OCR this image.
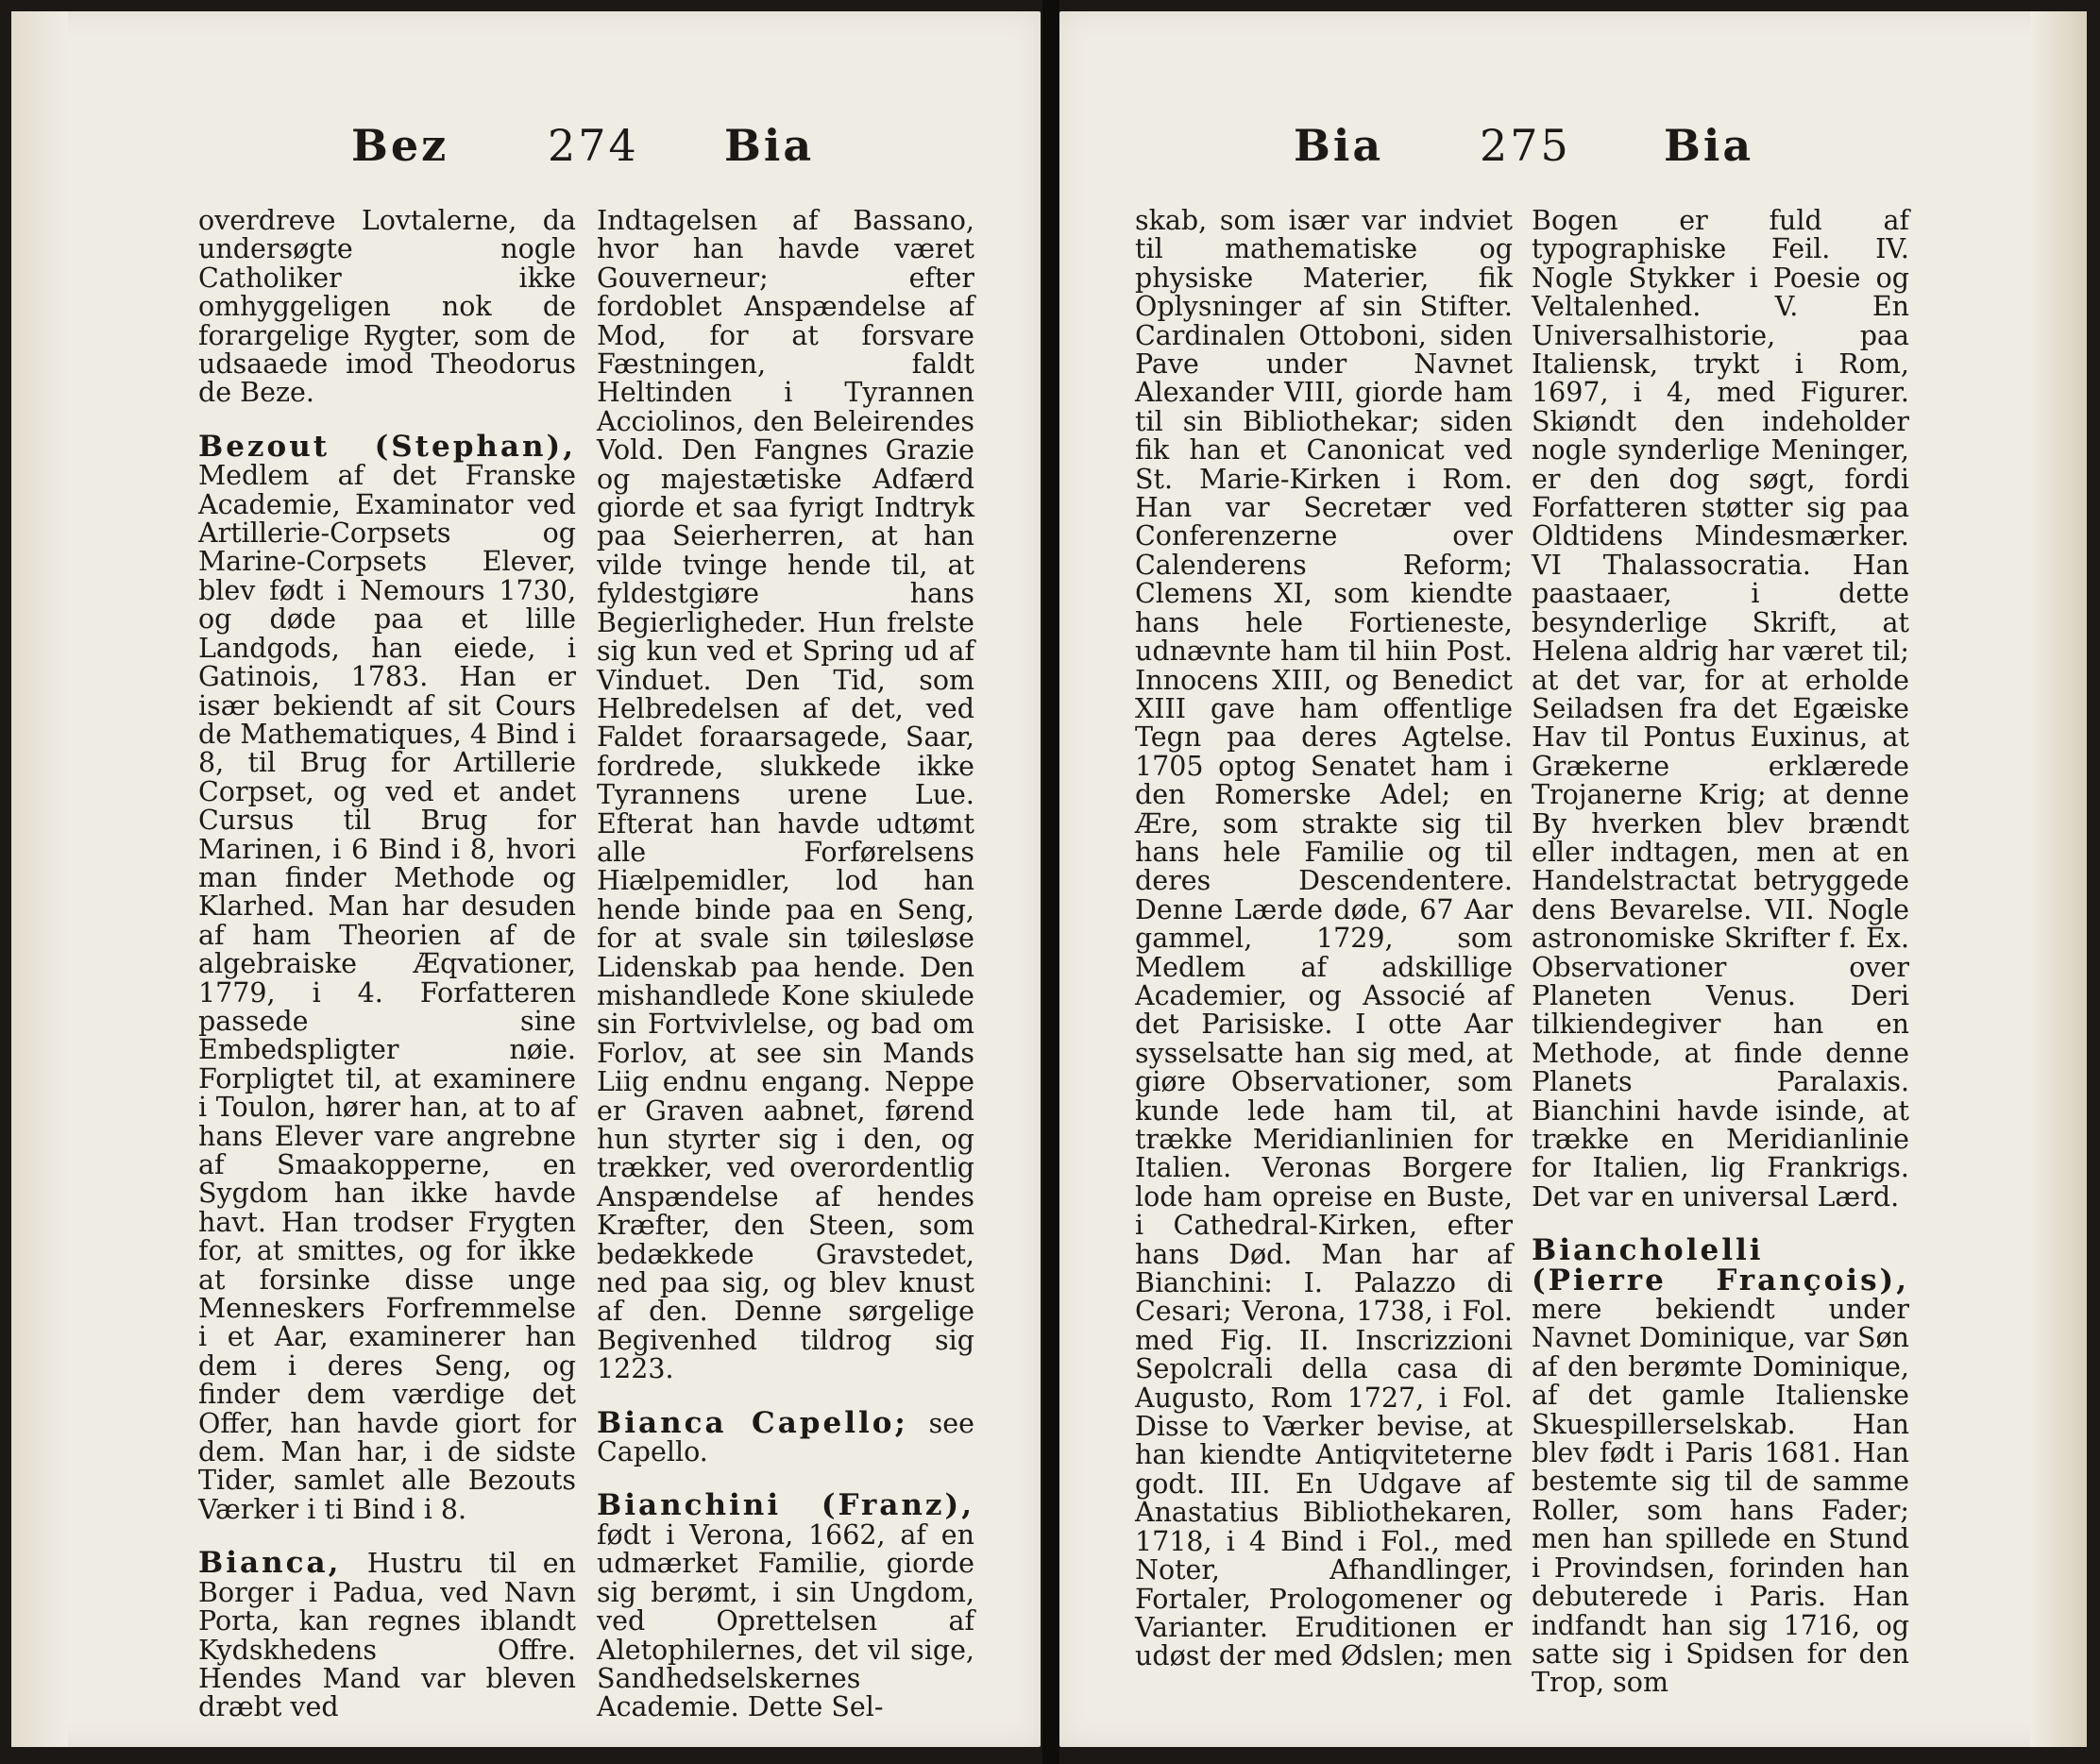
Bez 274 Bia

overdreve Lovtalerne, da undersøgte nogle Catholiker ikke omhyggeligen nok de forargelige Rygter, som de udsaaede imod Theodorus de Beze.

Bezout (Stephan), Medlem af det Franske Academie, Examinator ved Artillerie-Corpsets og Marine-Corpsets Elever, blev født i Nemours 1730, og døde paa et lille Landgods, han eiede, i Gatinois, 1783. Han er især bekiendt af sit Cours de Mathematiques, 4 Bind i 8, til Brug for Artillerie Corpset, og ved et andet Cursus til Brug for Marinen, i 6 Bind i 8, hvori man finder Methode og Klarhed. Man har desuden af ham Theorien af de algebraiske Æqvationer, 1779, i 4. Forfatteren passede sine Embedspligter nøie. Forpligtet til, at examinere i Toulon, hører han, at to af hans Elever vare angrebne af Smaakopperne, en Sygdom han ikke havde havt. Han trodser Frygten for, at smittes, og for ikke at forsinke disse unge Menneskers Forfremmelse i et Aar, examinerer han dem i deres Seng, og finder dem værdige det Offer, han havde giort for dem. Man har, i de sidste Tider, samlet alle Bezouts Værker i ti Bind i 8.

Bianca, Hustru til en Borger i Padua, ved Navn Porta, kan regnes iblandt Kydskhedens Offre. Hendes Mand var bleven dræbt ved

Indtagelsen af Bassano, hvor han havde været Gouverneur; efter fordoblet Anspændelse af Mod, for at forsvare Fæstningen, faldt Heltinden i Tyrannen Acciolinos, den Beleirendes Vold. Den Fangnes Grazie og majestætiske Adfærd giorde et saa fyrigt Indtryk paa Seierherren, at han vilde tvinge hende til, at fyldestgiøre hans Begierligheder. Hun frelste sig kun ved et Spring ud af Vinduet. Den Tid, som Helbredelsen af det, ved Faldet foraarsagede, Saar, fordrede, slukkede ikke Tyrannens urene Lue. Efterat han havde udtømt alle Forførelsens Hiælpemidler, lod han hende binde paa en Seng, for at svale sin tøilesløse Lidenskab paa hende. Den mishandlede Kone skiulede sin Fortvivlelse, og bad om Forlov, at see sin Mands Liig endnu engang. Neppe er Graven aabnet, førend hun styrter sig i den, og trækker, ved overordentlig Anspændelse af hendes Kræfter, den Steen, som bedækkede Gravstedet, ned paa sig, og blev knust af den. Denne sørgelige Begivenhed tildrog sig 1223.

Bianca Capello; see Capello.

Bianchini (Franz), født i Verona, 1662, af en udmærket Familie, giorde sig berømt, i sin Ungdom, ved Oprettelsen af Aletophilernes, det vil sige, Sandhedselskernes Academie. Dette Sel-

Bia 275 Bia

skab, som især var indviet til mathematiske og physiske Materier, fik Oplysninger af sin Stifter. Cardinalen Ottoboni, siden Pave under Navnet Alexander VIII, giorde ham til sin Bibliothekar; siden fik han et Canonicat ved St. Marie-Kirken i Rom. Han var Secretær ved Conferenzerne over Calenderens Reform; Clemens XI, som kiendte hans hele Fortieneste, udnævnte ham til hiin Post. Innocens XIII, og Benedict XIII gave ham offentlige Tegn paa deres Agtelse. 1705 optog Senatet ham i den Romerske Adel; en Ære, som strakte sig til hans hele Familie og til deres Descendentere. Denne Lærde døde, 67 Aar gammel, 1729, som Medlem af adskillige Academier, og Associé af det Parisiske. I otte Aar sysselsatte han sig med, at giøre Observationer, som kunde lede ham til, at trække Meridianlinien for Italien. Veronas Borgere lode ham opreise en Buste, i Cathedral-Kirken, efter hans Død. Man har af Bianchini: I. Palazzo di Cesari; Verona, 1738, i Fol. med Fig. II. Inscrizzioni Sepolcrali della casa di Augusto, Rom 1727, i Fol. Disse to Værker bevise, at han kiendte Antiqviteterne godt. III. En Udgave af Anastatius Bibliothekaren, 1718, i 4 Bind i Fol., med Noter, Afhandlinger, Fortaler, Prologomener og Varianter. Eruditionen er udøst der med Ødslen; men

Bogen er fuld af typographiske Feil. IV. Nogle Stykker i Poesie og Veltalenhed. V. En Universalhistorie, paa Italiensk, trykt i Rom, 1697, i 4, med Figurer. Skiøndt den indeholder nogle synderlige Meninger, er den dog søgt, fordi Forfatteren støtter sig paa Oldtidens Mindesmærker. VI Thalassocratia. Han paastaaer, i dette besynderlige Skrift, at Helena aldrig har været til; at det var, for at erholde Seiladsen fra det Egæiske Hav til Pontus Euxinus, at Grækerne erklærede Trojanerne Krig; at denne By hverken blev brændt eller indtagen, men at en Handelstractat betryggede dens Bevarelse. VII. Nogle astronomiske Skrifter f. Ex. Observationer over Planeten Venus. Deri tilkiendegiver han en Methode, at finde denne Planets Paralaxis. Bianchini havde isinde, at trække en Meridianlinie for Italien, lig Frankrigs. Det var en universal Lærd.

Biancholelli (Pierre François), mere bekiendt under Navnet Dominique, var Søn af den berømte Dominique, af det gamle Italienske Skuespillerselskab. Han blev født i Paris 1681. Han bestemte sig til de samme Roller, som hans Fader; men han spillede en Stund i Provindsen, forinden han debuterede i Paris. Han indfandt han sig 1716, og satte sig i Spidsen for den Trop, som
